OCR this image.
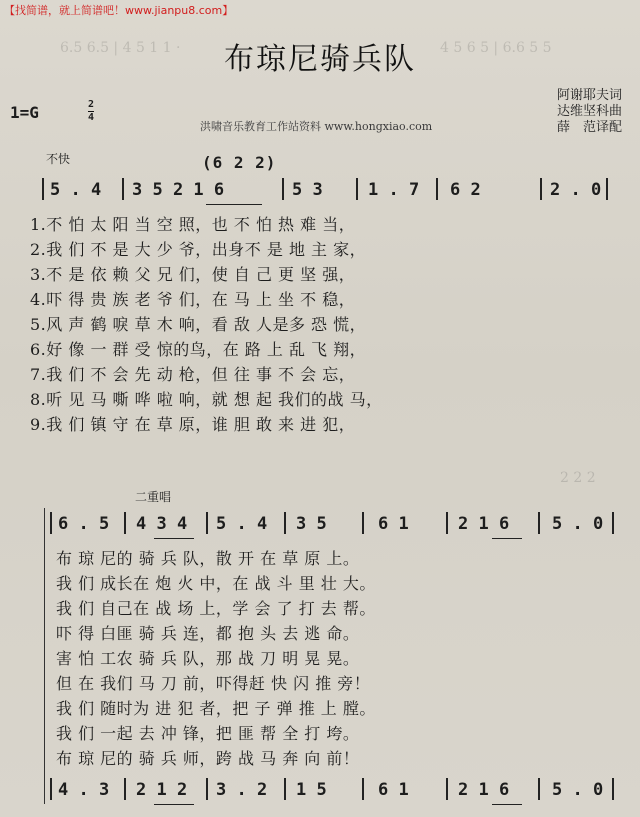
【找简谱，就上简谱吧！www.jianpu8.com】
6.5 6.5 | 4 5 1 1 ·	4 5 6 5 | 6.6 5 5
2 2 2
布琼尼骑兵队
阿谢耶夫词
达维坚科曲
薛　范译配
洪啸音乐教育工作站资料 www.hongxiao.com
1=G	2
4
不快	(6 2 2)
5 . 4 3 5 2 1 6	5 3	1 . 7 6 2	2 . 0
1.不 怕 太 阳 当 空 照，也 不 怕 热 难 当，
2.我 们 不 是 大 少 爷，出身不 是 地 主 家，
3.不 是 依 赖 父 兄 们，使 自 己 更 坚 强，
4.吓 得 贵 族 老 爷 们，在 马 上 坐 不 稳，
5.风 声 鹤 唳 草 木 响，看 敌 人是多 恐 慌，
6.好 像 一 群 受 惊的鸟，在 路 上 乱 飞 翔，
7.我 们 不 会 先 动 枪，但 往 事 不 会 忘，
8.听 见 马 嘶 哗 啦 响，就 想 起 我们的战 马，
9.我 们 镇 守 在 草 原，谁 胆 敢 来 进 犯，
二重唱
6 . 5 4 3 4 5 . 4 3 5	6 1	2 1 6	5 . 0
布 琼 尼的 骑 兵 队，散 开 在 草 原 上。
我 们 成长在 炮 火 中，在 战 斗 里 壮 大。
我 们 自己在 战 场 上，学 会 了 打 去 帮。
吓 得 白匪 骑 兵 连，都 抱 头 去 逃 命。
害 怕 工农 骑 兵 队，那 战 刀 明 晃 晃。
但 在 我们 马 刀 前，吓得赶 快 闪 推 旁！
我 们 随时为 进 犯 者，把 子 弹 推 上 膛。
我 们 一起 去 冲 锋，把 匪 帮 全 打 垮。
布 琼 尼的 骑 兵 师，跨 战 马 奔 向 前！
4 . 3 2 1 2 3 . 2 1 5	6 1	2 1 6	5 . 0
